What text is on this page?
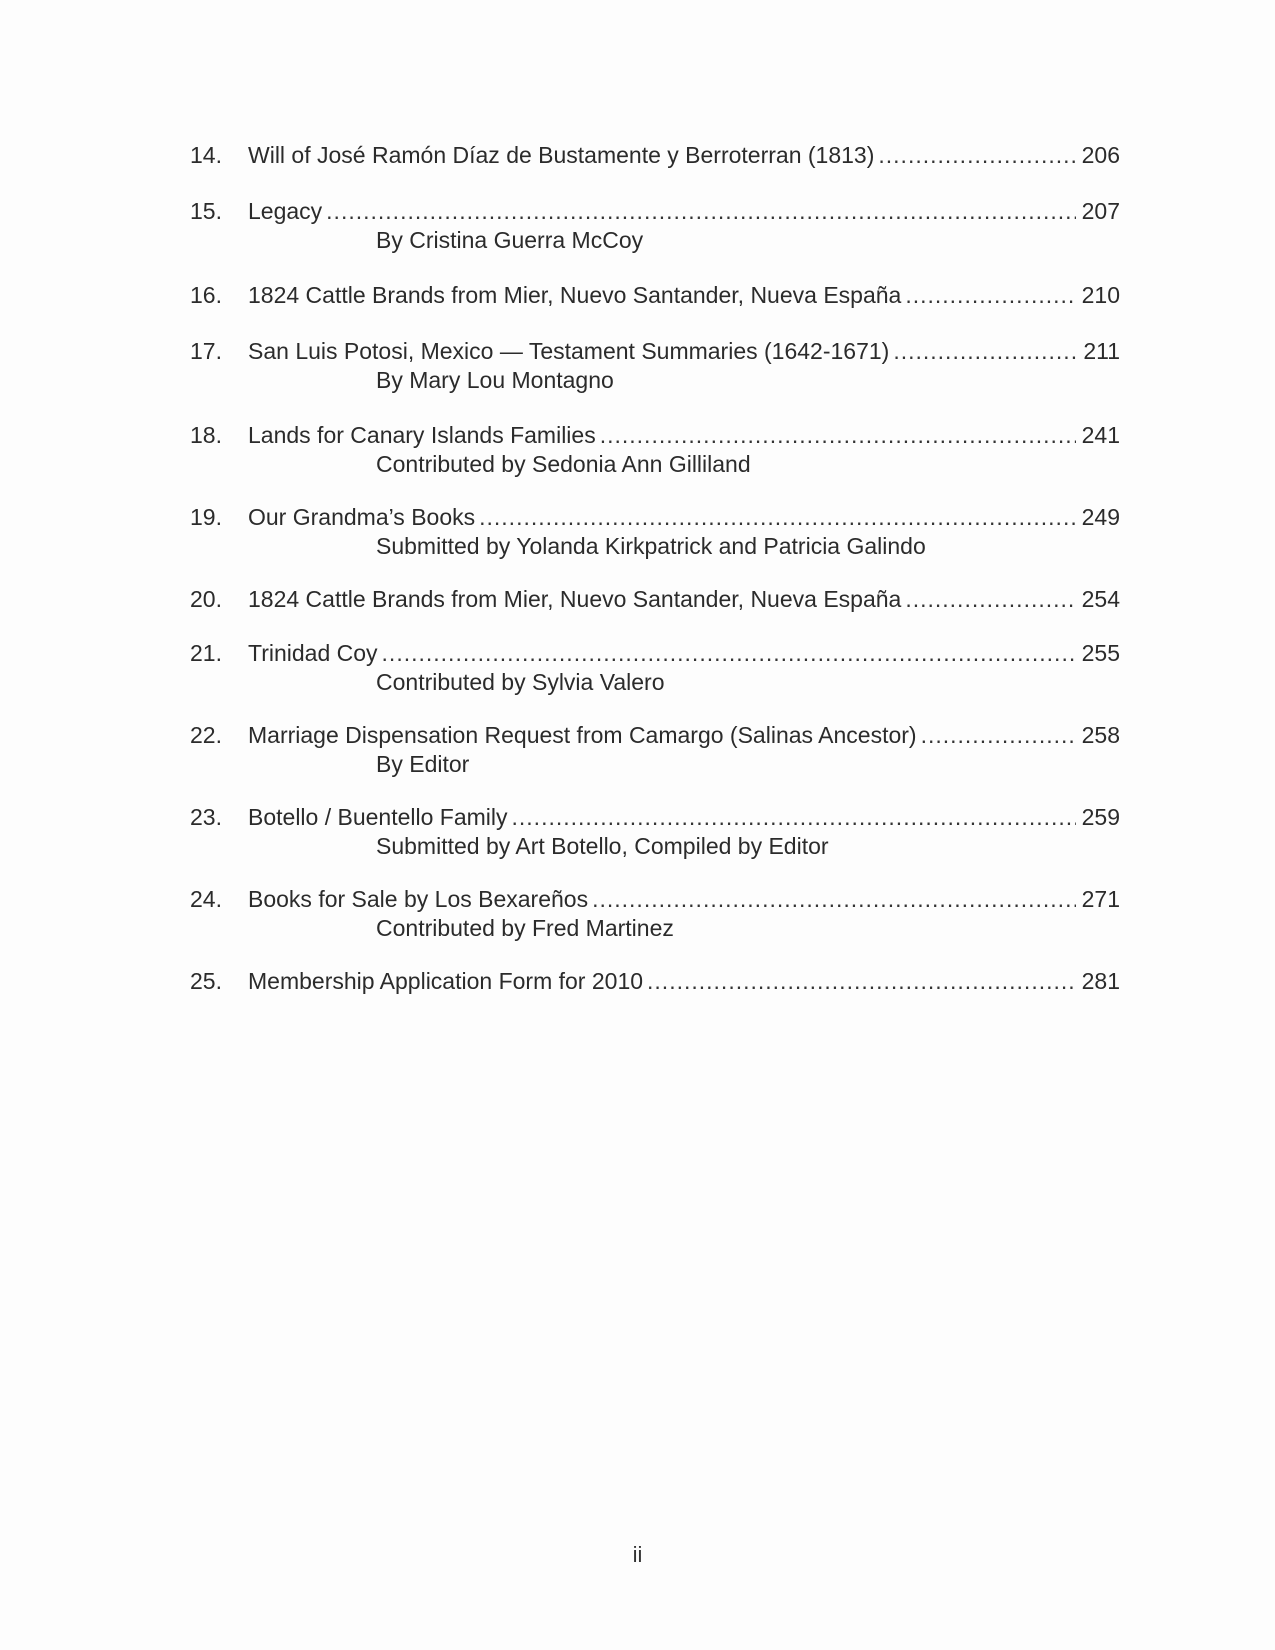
14.	Will of José Ramón Díaz de Bustamente y Berroterran (1813) .....	206
15.	Legacy .....	207
By Cristina Guerra McCoy
16.	1824 Cattle Brands from Mier, Nuevo Santander, Nueva España .....	210
17.	San Luis Potosi, Mexico — Testament Summaries (1642-1671) .....	211
By Mary Lou Montagno
18.	Lands for Canary Islands Families .....	241
Contributed by Sedonia Ann Gilliland
19.	Our Grandma’s Books .....	249
Submitted by Yolanda Kirkpatrick and Patricia Galindo
20.	1824 Cattle Brands from Mier, Nuevo Santander, Nueva España .....	254
21.	Trinidad Coy .....	255
Contributed by Sylvia Valero
22.	Marriage Dispensation Request from Camargo (Salinas Ancestor) .....	258
By Editor
23.	Botello / Buentello Family .....	259
Submitted by Art Botello, Compiled by Editor
24.	Books for Sale by Los Bexareños .....	271
Contributed by Fred Martinez
25.	Membership Application Form for 2010 .....	281
ii
